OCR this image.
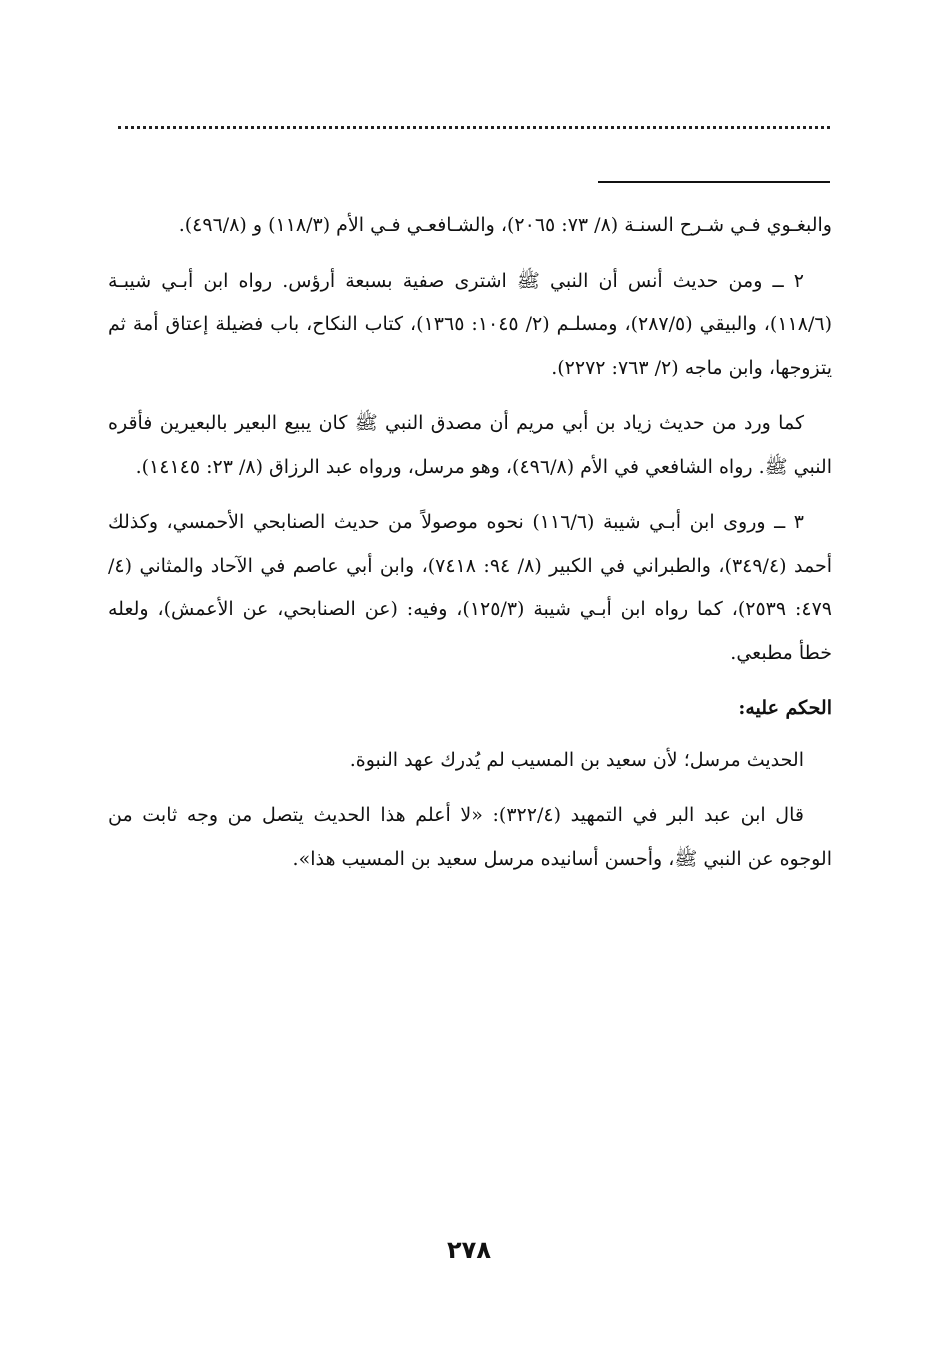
والبغـوي فـي شـرح السنـة (٨/ ٧٣: ٢٠٦٥)، والشـافعـي فـي الأم (١١٨/٣) و (٤٩٦/٨).

٢ ــ ومن حديث أنس أن النبي ﷺ اشترى صفية بسبعة أرؤس. رواه ابن أبـي شيبـة (١١٨/٦)، والبيقي (٢٨٧/٥)، ومسلـم (٢/ ١٠٤٥: ١٣٦٥)، كتاب النكاح، باب فضيلة إعتاق أمة ثم يتزوجها، وابن ماجه (٢/ ٧٦٣: ٢٢٧٢).

كما ورد من حديث زياد بن أبي مريم أن مصدق النبي ﷺ كان يبيع البعير بالبعيرين فأقره النبي ﷺ. رواه الشافعي في الأم (٤٩٦/٨)، وهو مرسل، ورواه عبد الرزاق (٨/ ٢٣: ١٤١٤٥).

٣ ــ وروى ابن أبـي شيبة (١١٦/٦) نحوه موصولاً من حديث الصنابحي الأحمسي، وكذلك أحمد (٣٤٩/٤)، والطبراني في الكبير (٨/ ٩٤: ٧٤١٨)، وابن أبي عاصم في الآحاد والمثاني (٤/ ٤٧٩: ٢٥٣٩)، كما رواه ابن أبـي شيبة (١٢٥/٣)، وفيه: (عن الصنابحي، عن الأعمش)، ولعله خطأ مطبعي.

الحكم عليه:

الحديث مرسل؛ لأن سعيد بن المسيب لم يُدرك عهد النبوة.

قال ابن عبد البر في التمهيد (٣٢٢/٤): «لا أعلم هذا الحديث يتصل من وجه ثابت من الوجوه عن النبي ﷺ، وأحسن أسانيده مرسل سعيد بن المسيب هذا».

٢٧٨
